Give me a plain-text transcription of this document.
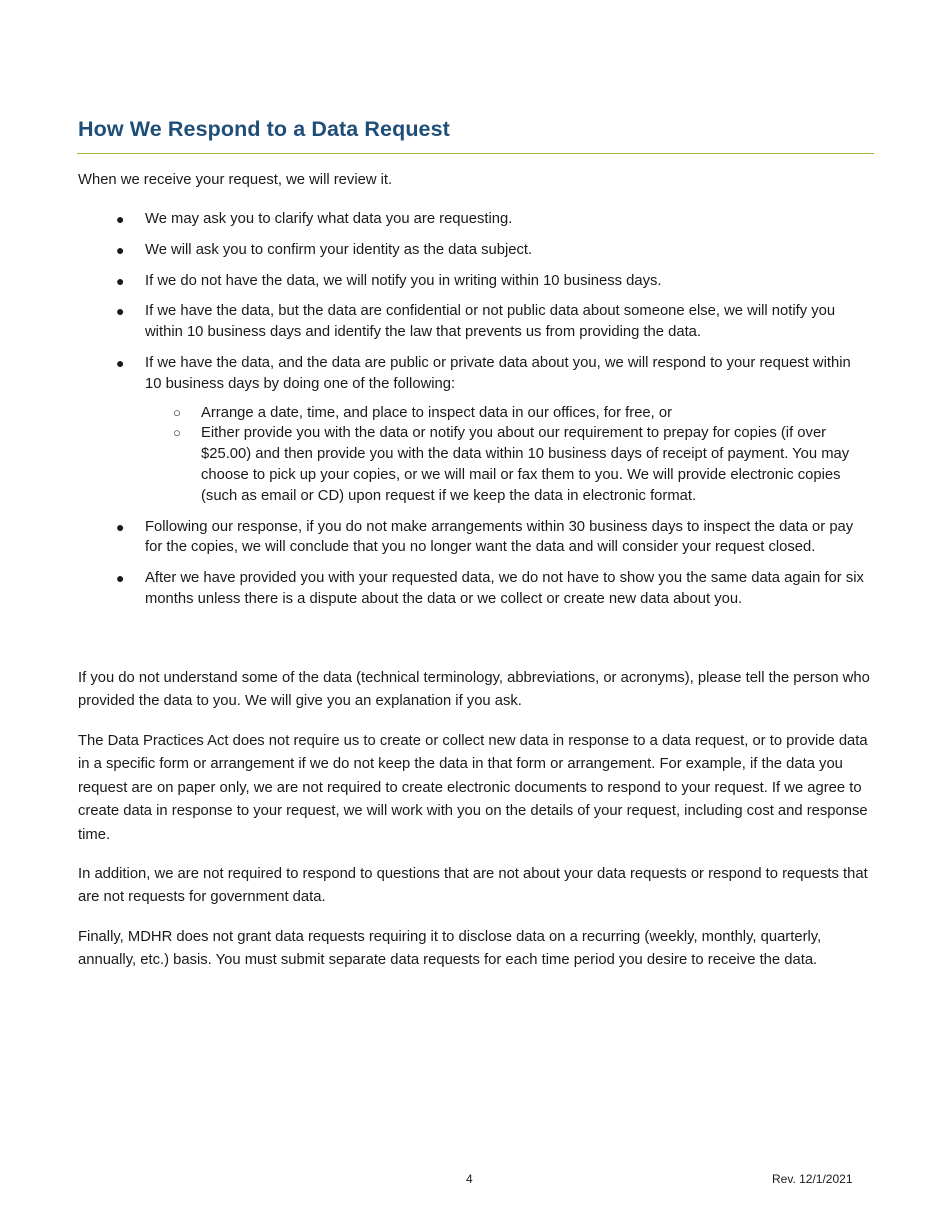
How We Respond to a Data Request

When we receive your request, we will review it.

● We may ask you to clarify what data you are requesting.
● We will ask you to confirm your identity as the data subject.
● If we do not have the data, we will notify you in writing within 10 business days.
● If we have the data, but the data are confidential or not public data about someone else, we will notify you within 10 business days and identify the law that prevents us from providing the data.
● If we have the data, and the data are public or private data about you, we will respond to your request within 10 business days by doing one of the following:
○ Arrange a date, time, and place to inspect data in our offices, for free, or
○ Either provide you with the data or notify you about our requirement to prepay for copies (if over $25.00) and then provide you with the data within 10 business days of receipt of payment. You may choose to pick up your copies, or we will mail or fax them to you. We will provide electronic copies (such as email or CD) upon request if we keep the data in electronic format.
● Following our response, if you do not make arrangements within 30 business days to inspect the data or pay for the copies, we will conclude that you no longer want the data and will consider your request closed.
● After we have provided you with your requested data, we do not have to show you the same data again for six months unless there is a dispute about the data or we collect or create new data about you.

If you do not understand some of the data (technical terminology, abbreviations, or acronyms), please tell the person who provided the data to you. We will give you an explanation if you ask.

The Data Practices Act does not require us to create or collect new data in response to a data request, or to provide data in a specific form or arrangement if we do not keep the data in that form or arrangement. For example, if the data you request are on paper only, we are not required to create electronic documents to respond to your request. If we agree to create data in response to your request, we will work with you on the details of your request, including cost and response time.

In addition, we are not required to respond to questions that are not about your data requests or respond to requests that are not requests for government data.

Finally, MDHR does not grant data requests requiring it to disclose data on a recurring (weekly, monthly, quarterly, annually, etc.) basis. You must submit separate data requests for each time period you desire to receive the data.

4	Rev. 12/1/2021
